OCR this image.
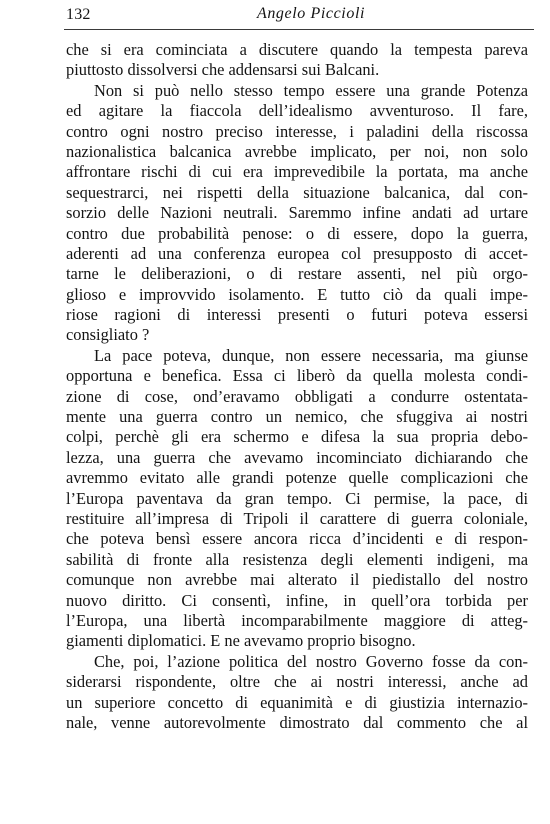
132	Angelo Piccioli
che si era cominciata a discutere quando la tempesta pareva
piuttosto dissolversi che addensarsi sui Balcani.
Non si può nello stesso tempo essere una grande Potenza
ed agitare la fiaccola dell’idealismo avventuroso. Il fare,
contro ogni nostro preciso interesse, i paladini della riscossa
nazionalistica balcanica avrebbe implicato, per noi, non solo
affrontare rischi di cui era imprevedibile la portata, ma anche
sequestrarci, nei rispetti della situazione balcanica, dal con-
sorzio delle Nazioni neutrali. Saremmo infine andati ad urtare
contro due probabilità penose: o di essere, dopo la guerra,
aderenti ad una conferenza europea col presupposto di accet-
tarne le deliberazioni, o di restare assenti, nel più orgo-
glioso e improvvido isolamento. E tutto ciò da quali impe-
riose ragioni di interessi presenti o futuri poteva essersi
consigliato ?
La pace poteva, dunque, non essere necessaria, ma giunse
opportuna e benefica. Essa ci liberò da quella molesta condi-
zione di cose, ond’eravamo obbligati a condurre ostentata-
mente una guerra contro un nemico, che sfuggiva ai nostri
colpi, perchè gli era schermo e difesa la sua propria debo-
lezza, una guerra che avevamo incominciato dichiarando che
avremmo evitato alle grandi potenze quelle complicazioni che
l’Europa paventava da gran tempo. Ci permise, la pace, di
restituire all’impresa di Tripoli il carattere di guerra coloniale,
che poteva bensì essere ancora ricca d’incidenti e di respon-
sabilità di fronte alla resistenza degli elementi indigeni, ma
comunque non avrebbe mai alterato il piedistallo del nostro
nuovo diritto. Ci consentì, infine, in quell’ora torbida per
l’Europa, una libertà incomparabilmente maggiore di atteg-
giamenti diplomatici. E ne avevamo proprio bisogno.
Che, poi, l’azione politica del nostro Governo fosse da con-
siderarsi rispondente, oltre che ai nostri interessi, anche ad
un superiore concetto di equanimità e di giustizia internazio-
nale, venne autorevolmente dimostrato dal commento che al
